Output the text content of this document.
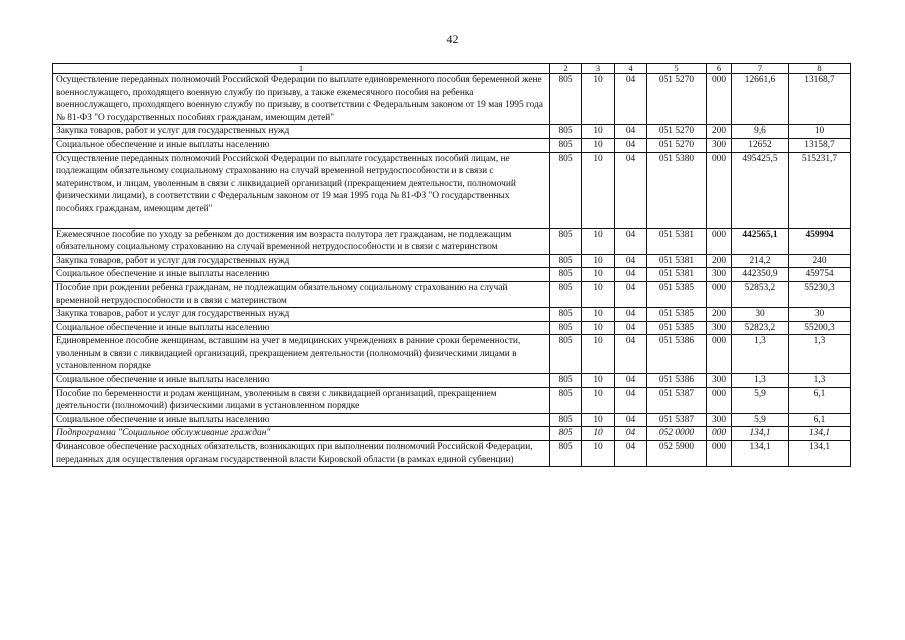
42
1	2	3	4	5	6	7	8
Осуществление переданных полномочий Российской Федерации по выплате единовременного пособия беременной жене военнослужащего, проходящего военную службу по призыву, а также ежемесячного пособия на ребенка военнослужащего, проходящего военную службу по призыву, в соответствии с Федеральным законом от 19 мая 1995 года № 81-ФЗ "О государственных пособиях гражданам, имеющим детей"	805	10	04	051 5270	000	12661,6	13168,7
Закупка товаров, работ и услуг для государственных нужд	805	10	04	051 5270	200	9,6	10
Социальное обеспечение и иные выплаты населению	805	10	04	051 5270	300	12652	13158,7
Осуществление переданных полномочий Российской Федерации по выплате государственных пособий лицам, не подлежащим обязательному социальному страхованию на случай временной нетрудоспособности и в связи с материнством, и лицам, уволенным в связи с ликвидацией организаций (прекращением деятельности, полномочий физическими лицами), в соответствии с Федеральным законом от 19 мая 1995 года № 81-ФЗ "О государственных пособиях гражданам, имеющим детей"	805	10	04	051 5380	000	495425,5	515231,7
Ежемесячное пособие по уходу за ребенком до достижения им возраста полутора лет гражданам, не подлежащим обязательному социальному страхованию на случай временной нетрудоспособности и в связи с материнством	805	10	04	051 5381	000	442565,1	459994
Закупка товаров, работ и услуг для государственных нужд	805	10	04	051 5381	200	214,2	240
Социальное обеспечение и иные выплаты населению	805	10	04	051 5381	300	442350,9	459754
Пособие при рождении ребенка гражданам, не подлежащим обязательному социальному страхованию на случай временной нетрудоспособности и в связи с материнством	805	10	04	051 5385	000	52853,2	55230,3
Закупка товаров, работ и услуг для государственных нужд	805	10	04	051 5385	200	30	30
Социальное обеспечение и иные выплаты населению	805	10	04	051 5385	300	52823,2	55200,3
Единовременное пособие женщинам, вставшим на учет в медицинских учреждениях в ранние сроки беременности, уволенным в связи с ликвидацией организаций, прекращением деятельности (полномочий) физическими лицами в установленном порядке	805	10	04	051 5386	000	1,3	1,3
Социальное обеспечение и иные выплаты населению	805	10	04	051 5386	300	1,3	1,3
Пособие по беременности и родам женщинам, уволенным в связи с ликвидацией организаций, прекращением деятельности (полномочий) физическими лицами в установленном порядке	805	10	04	051 5387	000	5,9	6,1
Социальное обеспечение и иные выплаты населению	805	10	04	051 5387	300	5,9	6,1
Подпрограмма "Социальное обслуживание граждан"	805	10	04	052 0000	000	134,1	134,1
Финансовое обеспечение расходных обязательств, возникающих при выполнении полномочий Российской Федерации, переданных для осуществления органам государственной власти Кировской области (в рамках единой субвенции)	805	10	04	052 5900	000	134,1	134,1
